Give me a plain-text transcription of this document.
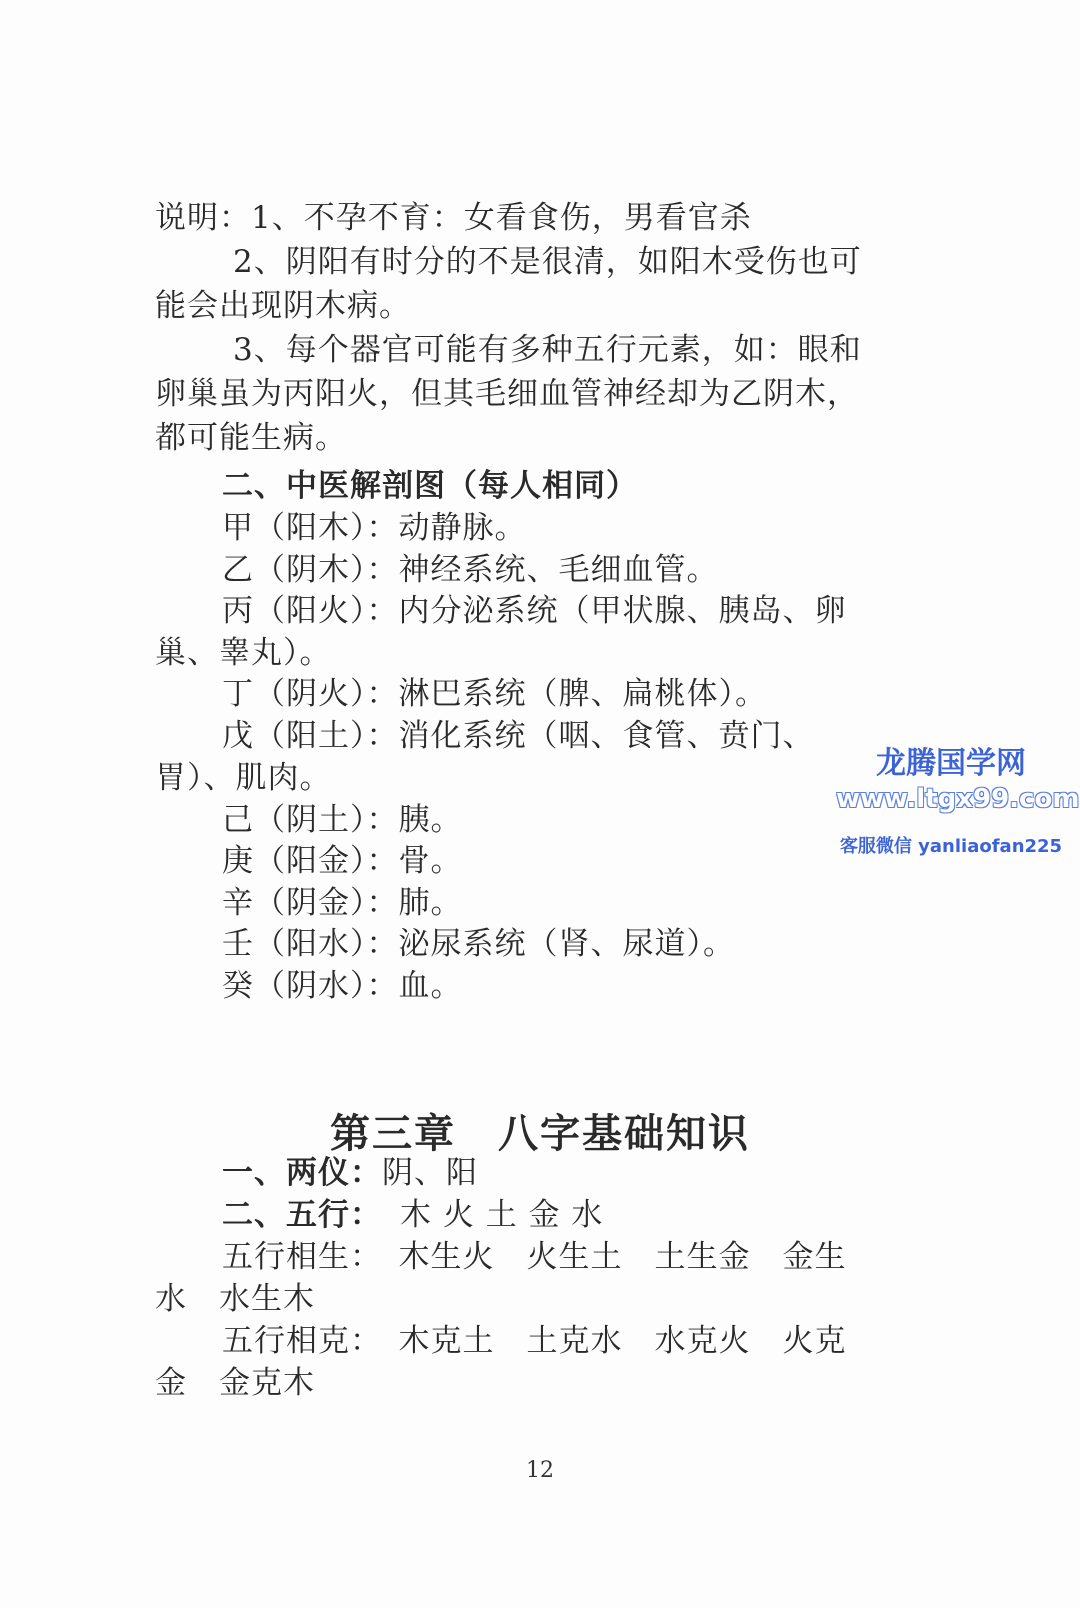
说明：1、不孕不育：女看食伤，男看官杀
2、阴阳有时分的不是很清，如阳木受伤也可
能会出现阴木病。
3、每个器官可能有多种五行元素，如：眼和
卵巢虽为丙阳火，但其毛细血管神经却为乙阴木，
都可能生病。
二、中医解剖图（每人相同）
甲（阳木）：动静脉。
乙（阴木）：神经系统、毛细血管。
丙（阳火）：内分泌系统（甲状腺、胰岛、卵
巢、睾丸）。
丁（阴火）：淋巴系统（脾、扁桃体）。
戊（阳土）：消化系统（咽、食管、贲门、
胃）、肌肉。
己（阴土）：胰。
庚（阳金）：骨。
辛（阴金）：肺。
壬（阳水）：泌尿系统（肾、尿道）。
癸（阴水）：血。
第三章　八字基础知识
一、两仪：阴、阳
二、五行： 木 火 土 金 水
五行相生：　木生火　火生土　土生金　金生
水　水生木
五行相克：　木克土　土克水　水克火　火克
金　金克木
12
龙腾国学网
www.ltgx99.com
客服微信 yanliaofan225
